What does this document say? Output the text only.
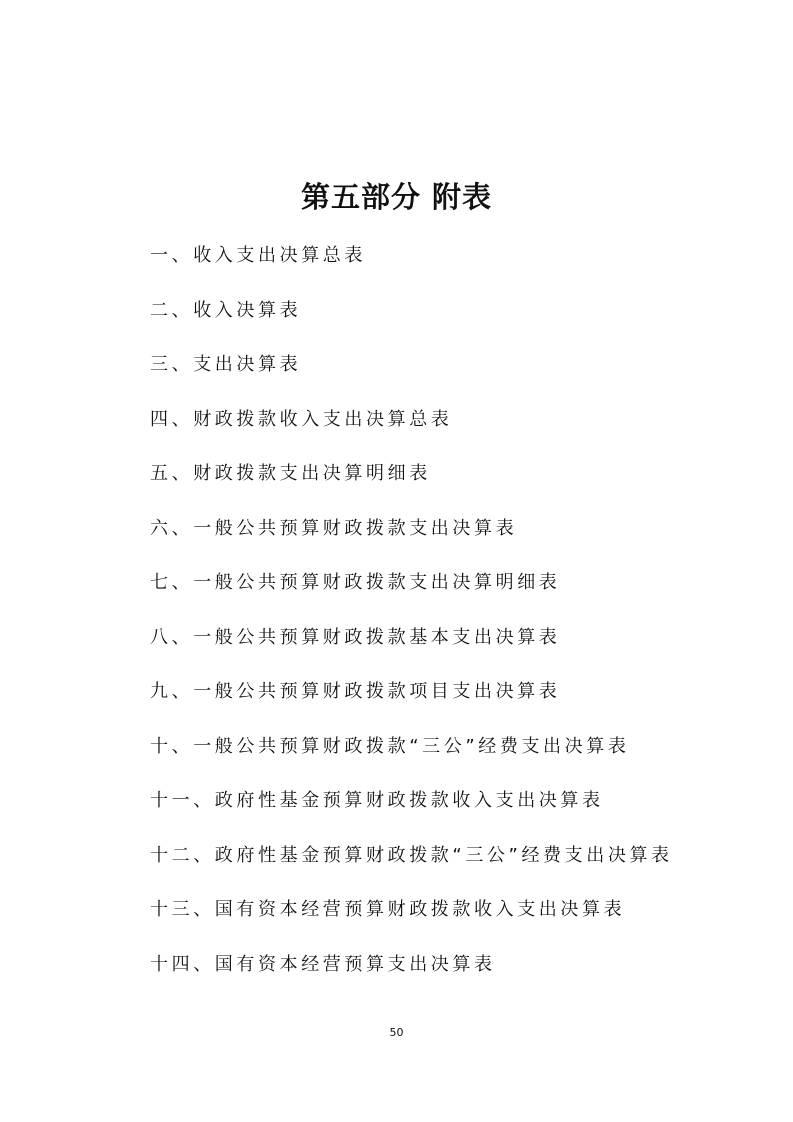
第五部分 附表
一、收入支出决算总表
二、收入决算表
三、支出决算表
四、财政拨款收入支出决算总表
五、财政拨款支出决算明细表
六、一般公共预算财政拨款支出决算表
七、一般公共预算财政拨款支出决算明细表
八、一般公共预算财政拨款基本支出决算表
九、一般公共预算财政拨款项目支出决算表
十、一般公共预算财政拨款“三公”经费支出决算表
十一、政府性基金预算财政拨款收入支出决算表
十二、政府性基金预算财政拨款“三公”经费支出决算表
十三、国有资本经营预算财政拨款收入支出决算表
十四、国有资本经营预算支出决算表
50
